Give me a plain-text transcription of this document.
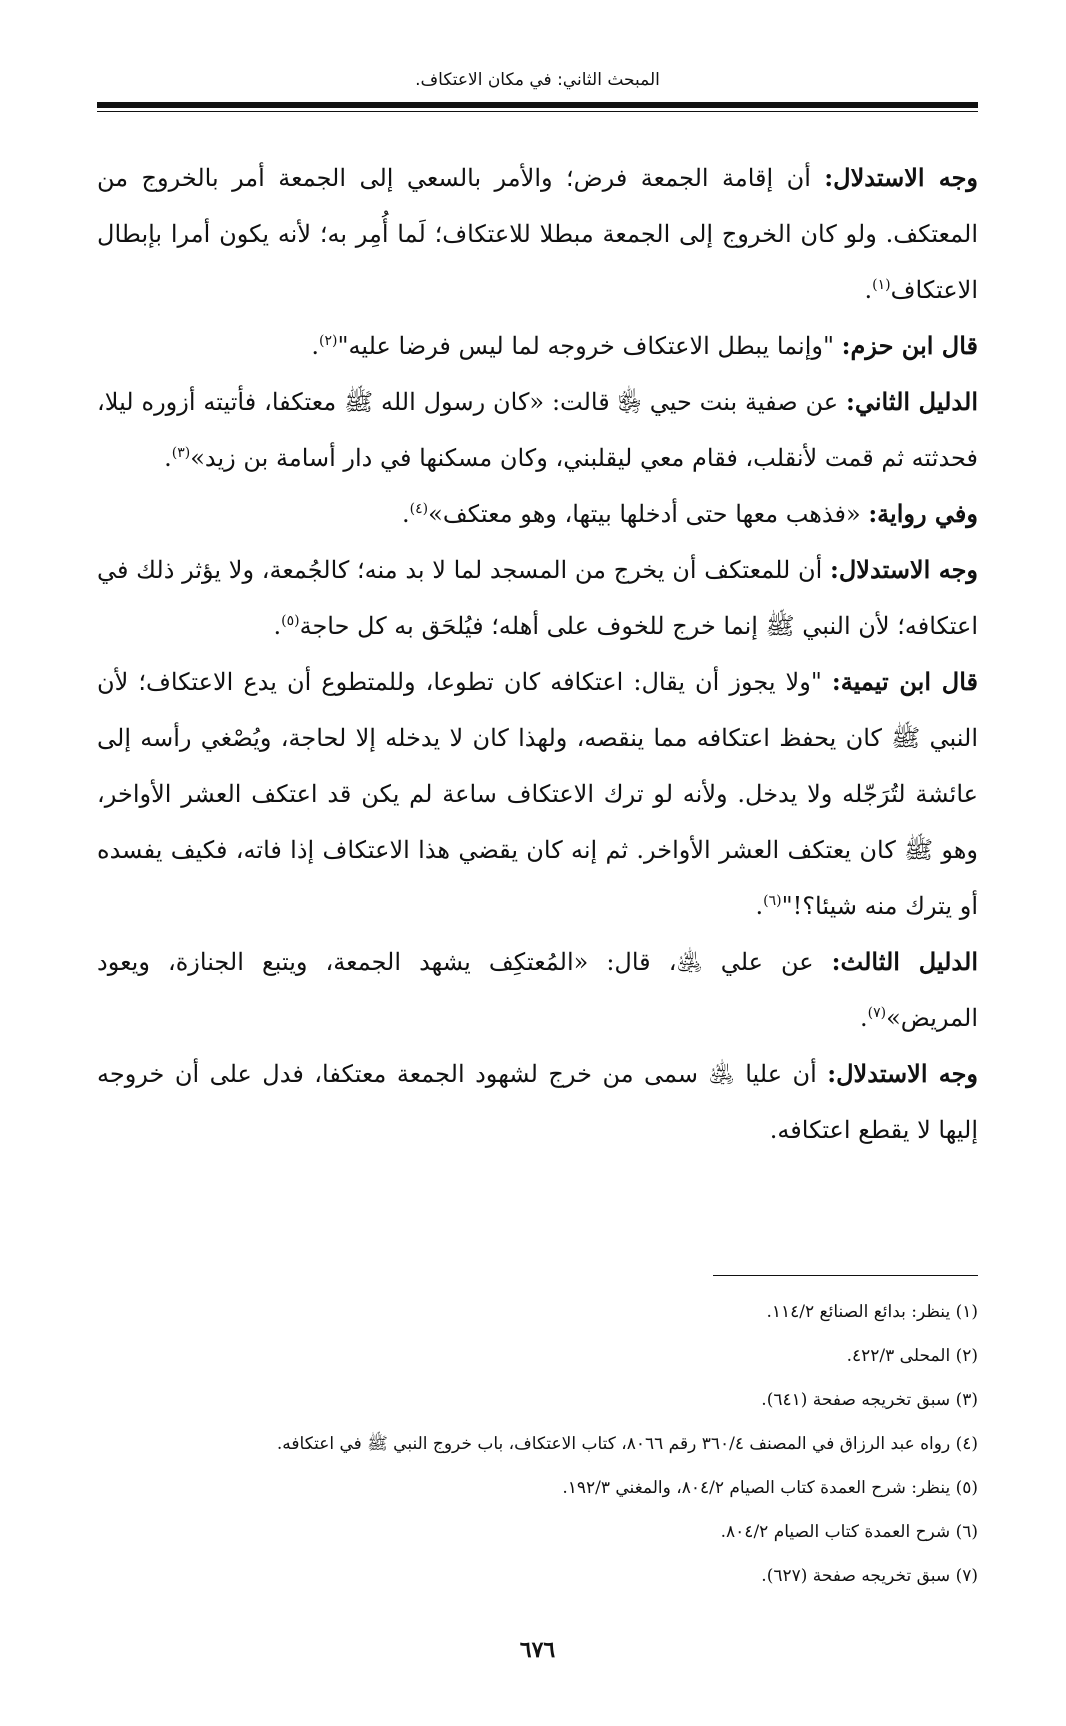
المبحث الثاني: في مكان الاعتكاف.

وجه الاستدلال: أن إقامة الجمعة فرض؛ والأمر بالسعي إلى الجمعة أمر بالخروج من المعتكف. ولو كان الخروج إلى الجمعة مبطلا للاعتكاف؛ لَما أُمِر به؛ لأنه يكون أمرا بإبطال الاعتكاف$^{(١)}$.

قال ابن حزم: "وإنما يبطل الاعتكاف خروجه لما ليس فرضا عليه"$^{(٢)}$.

الدليل الثاني: عن صفية بنت حيي ﵂ قالت: «كان رسول الله ﷺ معتكفا، فأتيته أزوره ليلا، فحدثته ثم قمت لأنقلب، فقام معي ليقلبني، وكان مسكنها في دار أسامة بن زيد»$^{(٣)}$.

وفي رواية: «فذهب معها حتى أدخلها بيتها، وهو معتكف»$^{(٤)}$.

وجه الاستدلال: أن للمعتكف أن يخرج من المسجد لما لا بد منه؛ كالجُمعة، ولا يؤثر ذلك في اعتكافه؛ لأن النبي ﷺ إنما خرج للخوف على أهله؛ فيُلحَق به كل حاجة$^{(٥)}$.

قال ابن تيمية: "ولا يجوز أن يقال: اعتكافه كان تطوعا، وللمتطوع أن يدع الاعتكاف؛ لأن النبي ﷺ كان يحفظ اعتكافه مما ينقصه، ولهذا كان لا يدخله إلا لحاجة، ويُصْغي رأسه إلى عائشة لتُرَجّله ولا يدخل. ولأنه لو ترك الاعتكاف ساعة لم يكن قد اعتكف العشر الأواخر، وهو ﷺ كان يعتكف العشر الأواخر. ثم إنه كان يقضي هذا الاعتكاف إذا فاته، فكيف يفسده أو يترك منه شيئا؟!"$^{(٦)}$.

الدليل الثالث: عن علي ﵁، قال: «المُعتكِف يشهد الجمعة، ويتبع الجنازة، ويعود المريض»$^{(٧)}$.

وجه الاستدلال: أن عليا ﵁ سمى من خرج لشهود الجمعة معتكفا، فدل على أن خروجه إليها لا يقطع اعتكافه.

(١) ينظر: بدائع الصنائع ١١٤/٢.

(٢) المحلى ٤٢٢/٣.

(٣) سبق تخريجه صفحة (٦٤١).

(٤) رواه عبد الرزاق في المصنف ٣٦٠/٤ رقم ٨٠٦٦، كتاب الاعتكاف، باب خروج النبي ﷺ في اعتكافه.

(٥) ينظر: شرح العمدة كتاب الصيام ٨٠٤/٢، والمغني ١٩٢/٣.

(٦) شرح العمدة كتاب الصيام ٨٠٤/٢.

(٧) سبق تخريجه صفحة (٦٢٧).

٦٧٦
